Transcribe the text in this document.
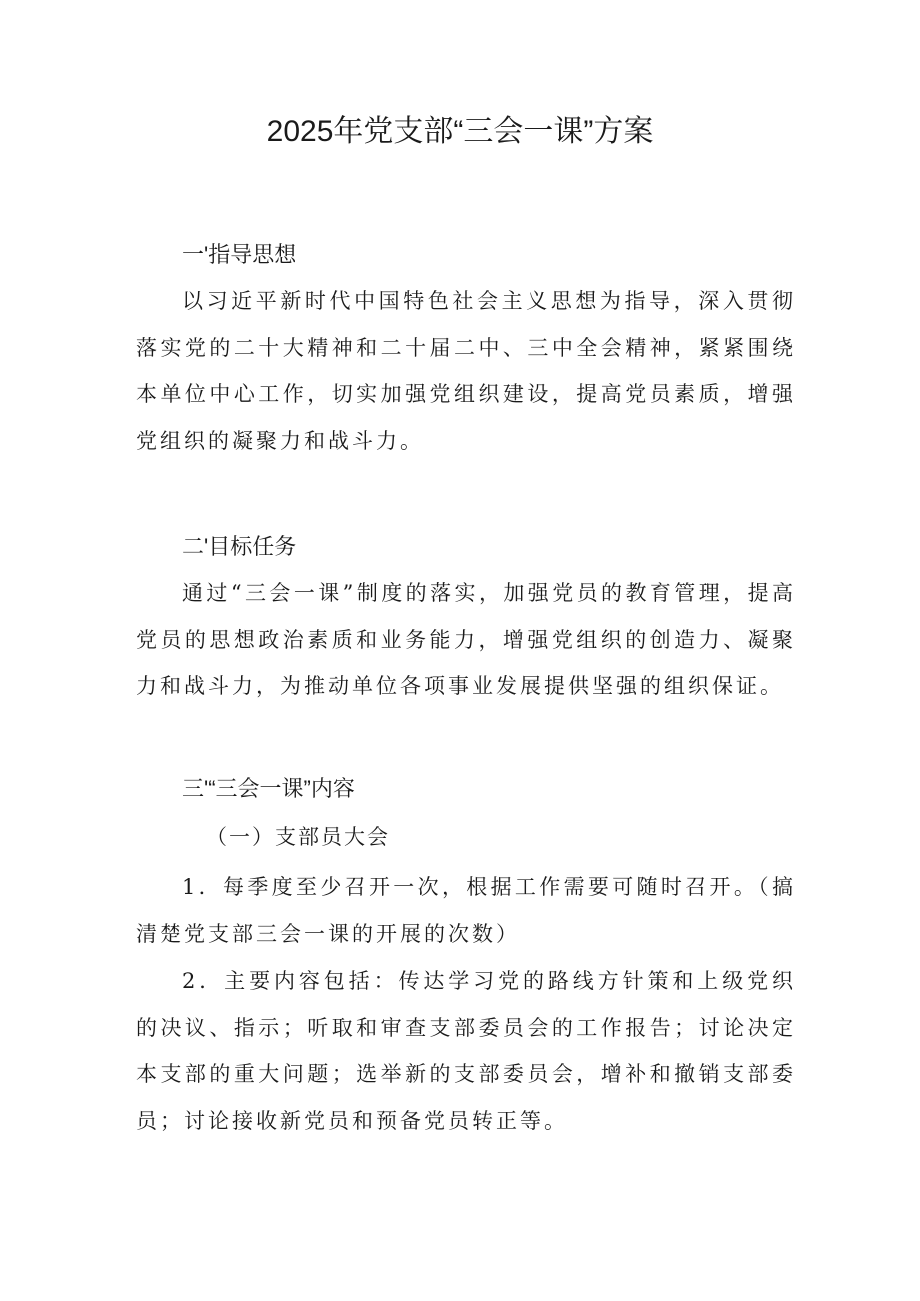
2025年党支部“三会一课”方案
一'指导思想

以习近平新时代中国特色社会主义思想为指导，深入贯彻落实党的二十大精神和二十届二中、三中全会精神，紧紧围绕本单位中心工作，切实加强党组织建设，提高党员素质，增强党组织的凝聚力和战斗力。

二'目标任务

通过“三会一课”制度的落实，加强党员的教育管理，提高党员的思想政治素质和业务能力，增强党组织的创造力、凝聚力和战斗力，为推动单位各项事业发展提供坚强的组织保证。

三'“三会一课”内容

（一）支部员大会

1．每季度至少召开一次，根据工作需要可随时召开。（搞清楚党支部三会一课的开展的次数）

2．主要内容包括：传达学习党的路线方针策和上级党织的决议、指示；听取和审查支部委员会的工作报告；讨论决定本支部的重大问题；选举新的支部委员会，增补和撤销支部委员；讨论接收新党员和预备党员转正等。
